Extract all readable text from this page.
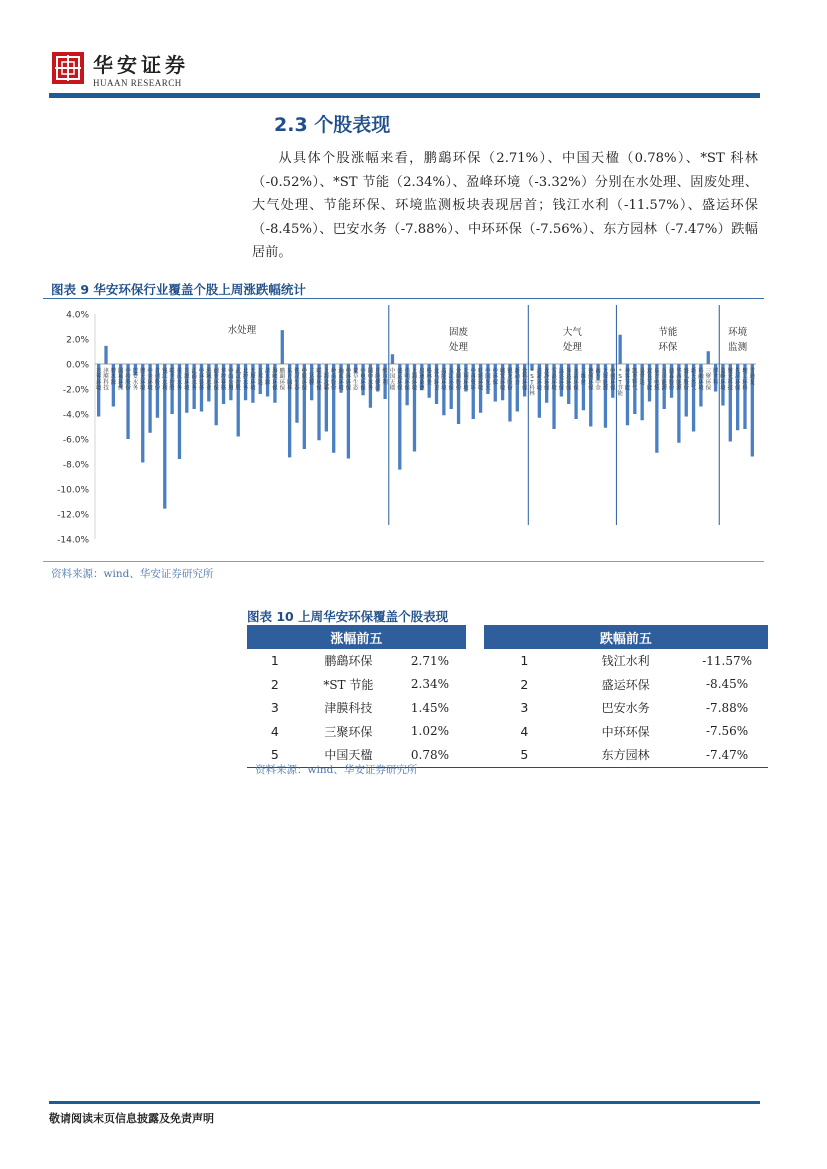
华安证券
HUAAN RESEARCH
2.3 个股表现

从具体个股涨幅来看，鹏鷂环保（2.71%）、中国天楹（0.78%）、*ST 科林（-0.52%）、*ST 节能（2.34%）、盈峰环境（-3.32%）分别在水处理、固废处理、大气处理、节能环保、环境监测板块表现居首；钱江水利（-11.57%）、盛运环保（-8.45%）、巴安水务（-7.88%）、中环环保（-7.56%）、东方园林（-7.47%）跌幅居前。

图表 9 华安环保行业覆盖个股上周涨跌幅统计
4.0%
2.0%
0.0%
-2.0%
-4.0%
-6.0%
-8.0%
-10.0%
-12.0%
-14.0%
兴蓉环境
津膜科技
碧水源
国祯环保
中持股份
巴安水务
博天环境
中金环境
首创股份
钱江水利
联美控股
重庆水务
兴源环境
江南水务
中环装备
洪城水业
创业环保
华控赛格
中山公用
武汉控股
北控水务
天壕环境
万邦达
清水源
海峡环保
鹏鷂环保
东方园林
铁汉生态
中原环保
三达膜
联泰环保
上海洗霸
岭南股份
瀚蓝环境
中环环保
蒙草生态
中电环保
国中水务
开能健康
维尔利
中国天楹
盛运环保
伟明环保
上海环境
启迪桑德
格林美
龙马环卫
高能环境
东江环保
金圆股份
天翔环境
中再资环
旺能环境
中国光大
中环保
城发环境
银龙股份
新动力
金科环保
* S T 科林
清新环境
龙净环保
雪浪环境
远达环保
菲达环保
永清环保
三维丝
德创环保
南方中金
天壕能源
中创环保
* S T 节能
神雾节能
凯美特气
易世达
双良节能
东方电热
百川能源
迪森股份
华西能源
盛弘股份
新天然气
科融环境
三聚环保
博世科
盈峰环境
聚光科技
先河环保
理工环科
雪迪龙
水处理	固废处理
大气处理
节能环保
环境监测
资料来源：wind、华安证券研究所
图表 10 上周华安环保覆盖个股表现
涨幅前五				跌幅前五		
1	鹏鷂环保	2.71%		1	钱江水利	-11.57%
2	*ST 节能	2.34%		2	盛运环保	-8.45%
3	津膜科技	1.45%		3	巴安水务	-7.88%
4	三聚环保	1.02%		4	中环环保	-7.56%
5	中国天楹	0.78%		5	东方园林	-7.47%
资料来源：wind、华安证券研究所
敬请阅读末页信息披露及免责声明
